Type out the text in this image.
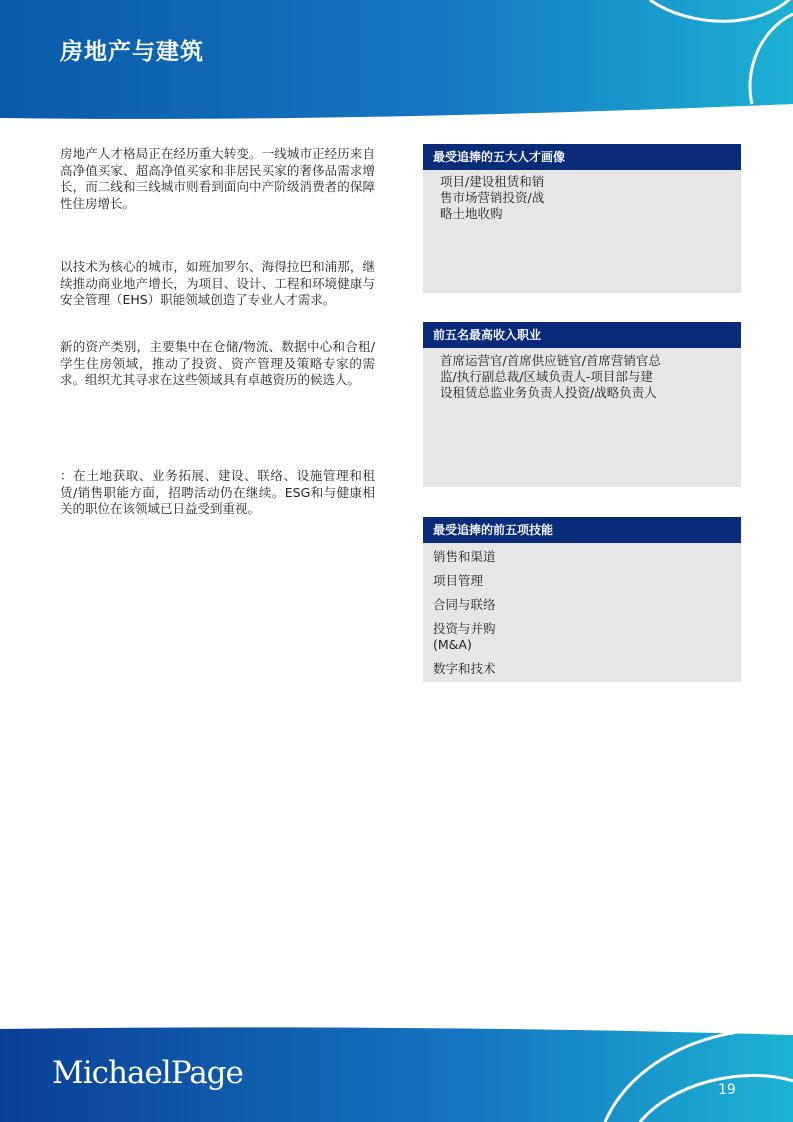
房地产与建筑

房地产人才格局正在经历重大转变。一线城市正经历来自高净值买家、超高净值买家和非居民买家的奢侈品需求增长，而二线和三线城市则看到面向中产阶级消费者的保障性住房增长。

以技术为核心的城市，如班加罗尔、海得拉巴和浦那，继续推动商业地产增长，为项目、设计、工程和环境健康与安全管理（EHS）职能领域创造了专业人才需求。

新的资产类别，主要集中在仓储/物流、数据中心和合租/学生住房领域，推动了投资、资产管理及策略专家的需求。组织尤其寻求在这些领域具有卓越资历的候选人。

：在土地获取、业务拓展、建设、联络、设施管理和租赁/销售职能方面，招聘活动仍在继续。ESG和与健康相关的职位在该领域已日益受到重视。

最受追捧的五大人才画像
项目/建设租赁和销
售市场营销投资/战
略土地收购
前五名最高收入职业
首席运营官/首席供应链官/首席营销官总
监/执行副总裁/区域负责人-项目部与建
设租赁总监业务负责人投资/战略负责人
最受追捧的前五项技能
销售和渠道
项目管理
合同与联络
投资与并购
(M&A)
数字和技术
MichaelPage	19
